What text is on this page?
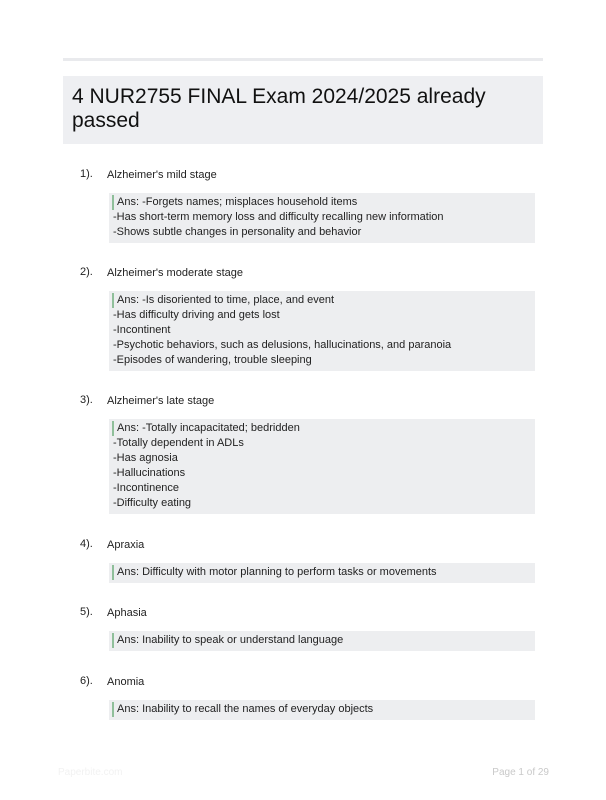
4 NUR2755 FINAL Exam 2024/2025 already passed
1). Alzheimer's mild stage
Ans: -Forgets names; misplaces household items
-Has short-term memory loss and difficulty recalling new information
-Shows subtle changes in personality and behavior
2). Alzheimer's moderate stage
Ans: -Is disoriented to time, place, and event
-Has difficulty driving and gets lost
-Incontinent
-Psychotic behaviors, such as delusions, hallucinations, and paranoia
-Episodes of wandering, trouble sleeping
3). Alzheimer's late stage
Ans: -Totally incapacitated; bedridden
-Totally dependent in ADLs
-Has agnosia
-Hallucinations
-Incontinence
-Difficulty eating
4). Apraxia
Ans: Difficulty with motor planning to perform tasks or movements
5). Aphasia
Ans: Inability to speak or understand language
6). Anomia
Ans: Inability to recall the names of everyday objects
Paperbite.com	Page 1 of 29
